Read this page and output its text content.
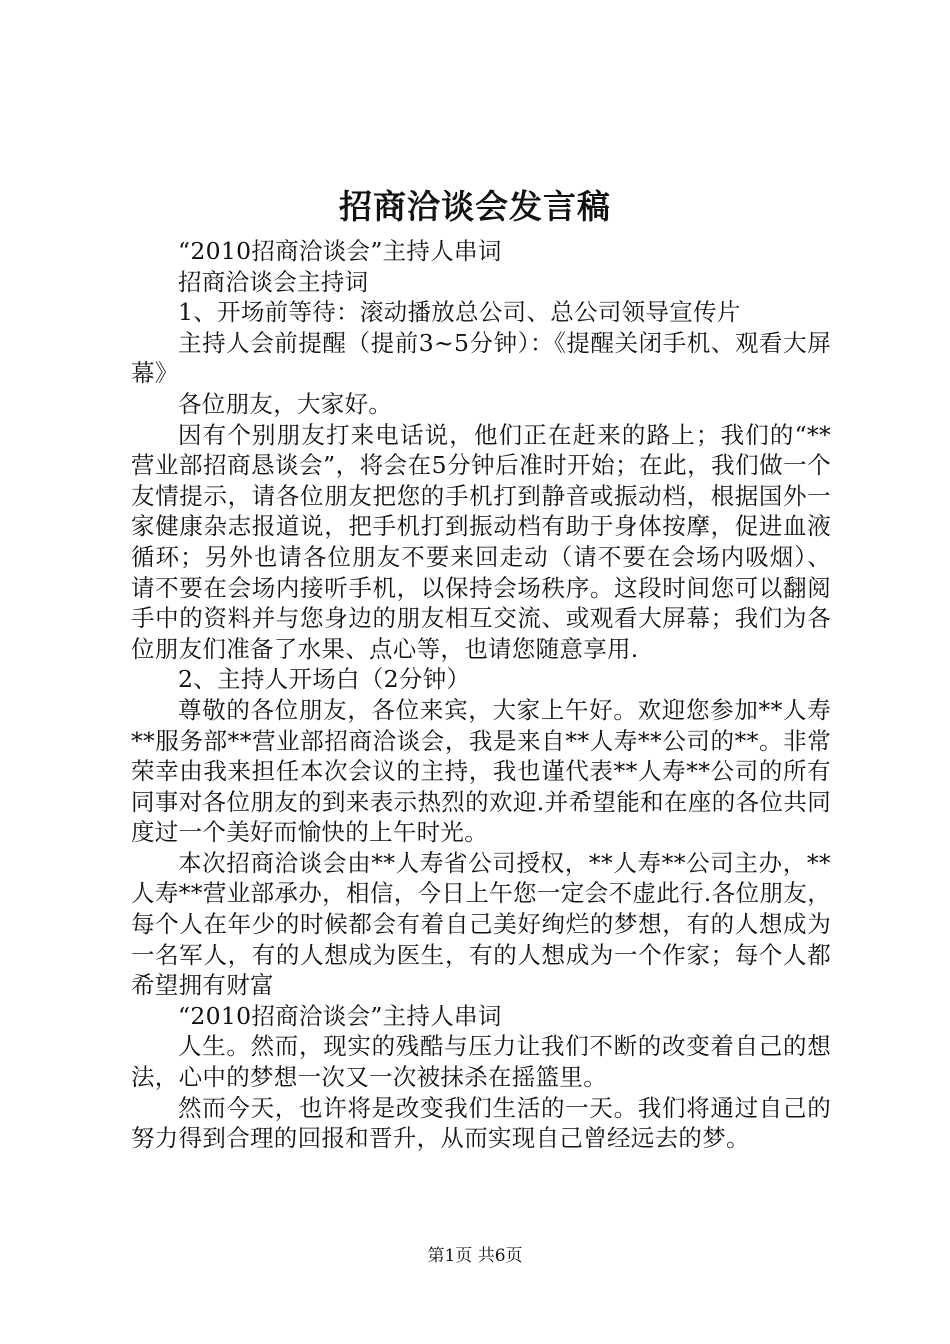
招商洽谈会发言稿

“2010招商洽谈会”主持人串词

招商洽谈会主持词

1、开场前等待：滚动播放总公司、总公司领导宣传片

主持人会前提醒（提前3~5分钟）：《提醒关闭手机、观看大屏幕》

各位朋友，大家好。

因有个别朋友打来电话说，他们正在赶来的路上；我们的“**营业部招商恳谈会”，将会在5分钟后准时开始；在此，我们做一个友情提示，请各位朋友把您的手机打到静音或振动档，根据国外一家健康杂志报道说，把手机打到振动档有助于身体按摩，促进血液循环；另外也请各位朋友不要来回走动（请不要在会场内吸烟）、请不要在会场内接听手机，以保持会场秩序。这段时间您可以翻阅手中的资料并与您身边的朋友相互交流、或观看大屏幕；我们为各位朋友们准备了水果、点心等，也请您随意享用.

2、主持人开场白（2分钟）

尊敬的各位朋友，各位来宾，大家上午好。欢迎您参加**人寿**服务部**营业部招商洽谈会，我是来自**人寿**公司的**。非常荣幸由我来担任本次会议的主持，我也谨代表**人寿**公司的所有同事对各位朋友的到来表示热烈的欢迎.并希望能和在座的各位共同度过一个美好而愉快的上午时光。

本次招商洽谈会由**人寿省公司授权，**人寿**公司主办，**人寿**营业部承办，相信，今日上午您一定会不虚此行.各位朋友，每个人在年少的时候都会有着自己美好绚烂的梦想，有的人想成为一名军人，有的人想成为医生，有的人想成为一个作家；每个人都希望拥有财富

“2010招商洽谈会”主持人串词

人生。然而，现实的残酷与压力让我们不断的改变着自己的想法，心中的梦想一次又一次被抹杀在摇篮里。

然而今天，也许将是改变我们生活的一天。我们将通过自己的努力得到合理的回报和晋升，从而实现自己曾经远去的梦。

第1页 共6页
